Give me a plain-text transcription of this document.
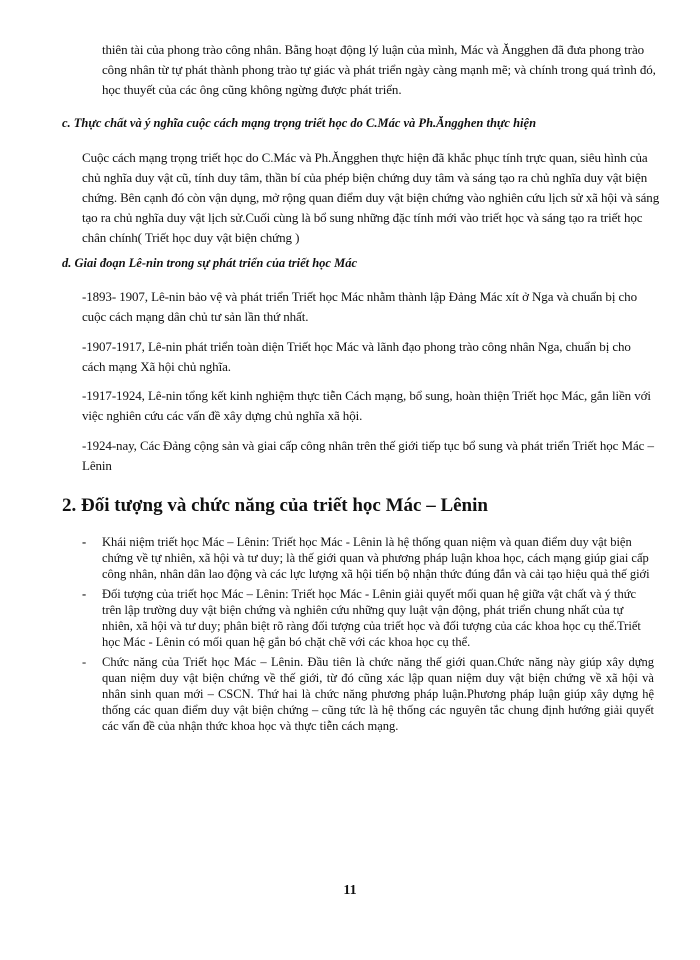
thiên tài của phong trào công nhân. Bằng hoạt động lý luận của mình, Mác và Ăngghen đã đưa phong trào công nhân từ tự phát thành phong trào tự giác và phát triển ngày càng mạnh mẽ; và chính trong quá trình đó, học thuyết của các ông cũng không ngừng được phát triển.

c. Thực chất và ý nghĩa cuộc cách mạng trọng triết học do C.Mác và Ph.Ăngghen thực hiện

Cuộc cách mạng trọng triết học do C.Mác và Ph.Ăngghen thực hiện đã khắc phục tính trực quan, siêu hình của chủ nghĩa duy vật cũ, tính duy tâm, thần bí của phép biện chứng duy tâm và sáng tạo ra chủ nghĩa duy vật biện chứng. Bên cạnh đó còn vận dụng, mở rộng quan điểm duy vật biện chứng vào nghiên cứu lịch sử xã hội và sáng tạo ra chủ nghĩa duy vật lịch sử.Cuối cùng là bổ sung những đặc tính mới vào triết học và sáng tạo ra triết học chân chính( Triết học duy vật biện chứng )

d. Giai đoạn Lê-nin trong sự phát triển của triết học Mác

-1893- 1907, Lê-nin bảo vệ và phát triển Triết học Mác nhằm thành lập Đảng Mác xít ở Nga và chuẩn bị cho cuộc cách mạng dân chủ tư sản lần thứ nhất.

-1907-1917, Lê-nin phát triển toàn diện Triết học Mác và lãnh đạo phong trào công nhân Nga, chuẩn bị cho cách mạng Xã hội chủ nghĩa.

-1917-1924, Lê-nin tổng kết kinh nghiệm thực tiễn Cách mạng, bổ sung, hoàn thiện Triết học Mác, gắn liền với việc nghiên cứu các vấn đề xây dựng chủ nghĩa xã hội.

-1924-nay, Các Đảng cộng sản và giai cấp công nhân trên thế giới tiếp tục bổ sung và phát triển Triết học Mác – Lênin

2. Đối tượng và chức năng của triết học Mác – Lênin
-	Khái niệm triết học Mác – Lênin: Triết học Mác - Lênin là hệ thống quan niệm và quan điểm duy vật biện chứng về tự nhiên, xã hội và tư duy; là thế giới quan và phương pháp luận khoa học, cách mạng giúp giai cấp công nhân, nhân dân lao động và các lực lượng xã hội tiến bộ nhận thức đúng đắn và cải tạo hiệu quả thế giới
-	Đối tượng của triết học Mác – Lênin: Triết học Mác - Lênin giải quyết mối quan hệ giữa vật chất và ý thức trên lập trường duy vật biện chứng và nghiên cứu những quy luật vận động, phát triển chung nhất của tự nhiên, xã hội và tư duy; phân biệt rõ ràng đối tượng của triết học và đối tượng của các khoa học cụ thể.Triết học Mác - Lênin có mối quan hệ gắn bó chặt chẽ với các khoa học cụ thể.
-	Chức năng của Triết học Mác – Lênin. Đầu tiên là chức năng thế giới quan.Chức năng này giúp xây dựng quan niệm duy vật biện chứng về thế giới, từ đó cũng xác lập quan niệm duy vật biện chứng về xã hội và nhân sinh quan mới – CSCN. Thứ hai là chức năng phương pháp luận.Phương pháp luận giúp xây dựng hệ thống các quan điểm duy vật biện chứng – cũng tức là hệ thống các nguyên tắc chung định hướng giải quyết các vấn đề của nhận thức khoa học và thực tiễn cách mạng.
11
